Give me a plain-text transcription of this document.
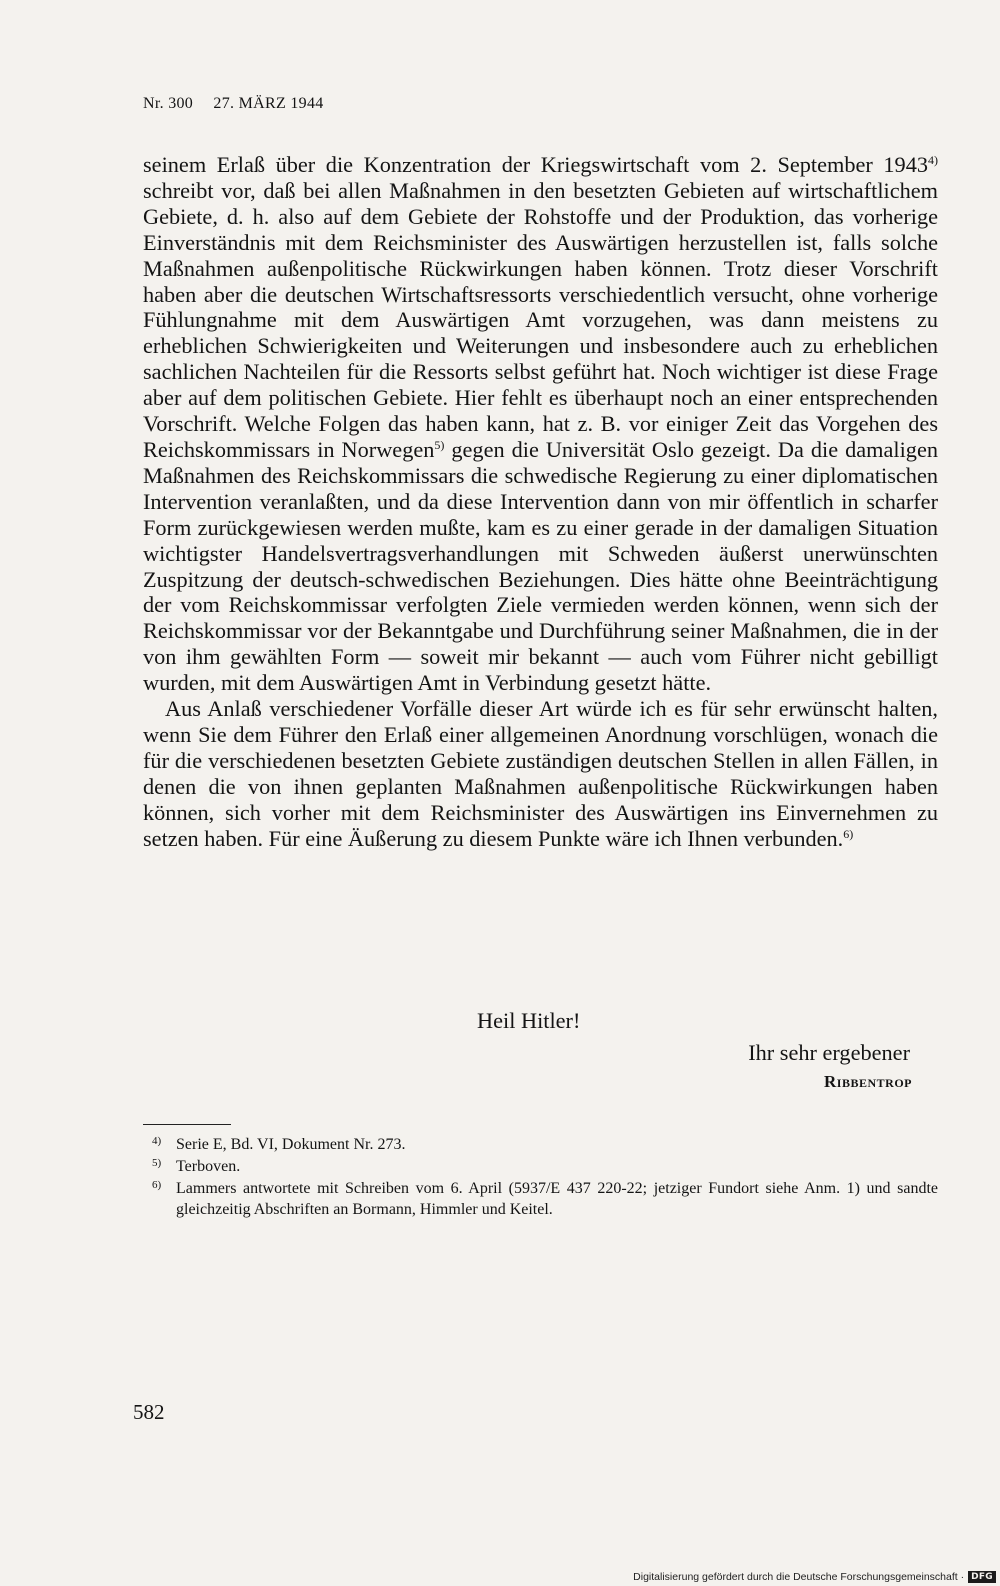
Nr. 300 27. MÄRZ 1944

seinem Erlaß über die Konzentration der Kriegswirtschaft vom 2. September 1943$^{4)}$ schreibt vor, daß bei allen Maßnahmen in den besetzten Gebieten auf wirtschaftlichem Gebiete, d. h. also auf dem Gebiete der Rohstoffe und der Produktion, das vorherige Einverständnis mit dem Reichsminister des Auswärtigen herzustellen ist, falls solche Maßnahmen außenpolitische Rückwirkungen haben können. Trotz dieser Vorschrift haben aber die deutschen Wirtschaftsressorts verschiedentlich versucht, ohne vorherige Fühlungnahme mit dem Auswärtigen Amt vorzugehen, was dann meistens zu erheblichen Schwierigkeiten und Weiterungen und insbesondere auch zu erheblichen sachlichen Nachteilen für die Ressorts selbst geführt hat. Noch wichtiger ist diese Frage aber auf dem politischen Gebiete. Hier fehlt es überhaupt noch an einer entsprechenden Vorschrift. Welche Folgen das haben kann, hat z. B. vor einiger Zeit das Vorgehen des Reichskommissars in Norwegen$^{5)}$ gegen die Universität Oslo gezeigt. Da die damaligen Maßnahmen des Reichskommissars die schwedische Regierung zu einer diplomatischen Intervention veranlaßten, und da diese Intervention dann von mir öffentlich in scharfer Form zurückgewiesen werden mußte, kam es zu einer gerade in der damaligen Situation wichtigster Handelsvertragsverhandlungen mit Schweden äußerst unerwünschten Zuspitzung der deutsch-schwedischen Beziehungen. Dies hätte ohne Beeinträchtigung der vom Reichskommissar verfolgten Ziele vermieden werden können, wenn sich der Reichskommissar vor der Bekanntgabe und Durchführung seiner Maßnahmen, die in der von ihm gewählten Form — soweit mir bekannt — auch vom Führer nicht gebilligt wurden, mit dem Auswärtigen Amt in Verbindung gesetzt hätte.

Aus Anlaß verschiedener Vorfälle dieser Art würde ich es für sehr erwünscht halten, wenn Sie dem Führer den Erlaß einer allgemeinen Anordnung vorschlügen, wonach die für die verschiedenen besetzten Gebiete zuständigen deutschen Stellen in allen Fällen, in denen die von ihnen geplanten Maßnahmen außenpolitische Rückwirkungen haben können, sich vorher mit dem Reichsminister des Auswärtigen ins Einvernehmen zu setzen haben. Für eine Äußerung zu diesem Punkte wäre ich Ihnen verbunden.$^{6)}$

Heil Hitler!
Ihr sehr ergebener
Ribbentrop
4) Serie E, Bd. VI, Dokument Nr. 273.
5) Terboven.
6) Lammers antwortete mit Schreiben vom 6. April (5937/E 437 220-22; jetziger Fundort siehe Anm. 1) und sandte gleichzeitig Abschriften an Bormann, Himmler und Keitel.
582
Digitalisierung gefördert durch die Deutsche Forschungsgemeinschaft · DFG
